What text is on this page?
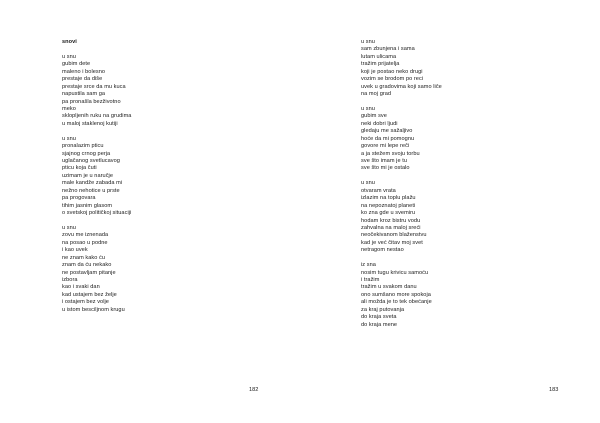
snovi
u snu
gubim dete
maleno i bolesno
prestaje da diše
prestaje srce da mu kuca
napustila sam ga
pa pronašla bezživotno
meko
sklopljenih ruku na grudima
u maloj staklenoj kutiji
u snu
pronalazim pticu
sjajnog crnog perja
uglačanog svetlucavog
pticu koja čuti
uzimam je u naručje
male kandže zabada mi
nežno nehotice u prste
pa progovara
tihim jasnim glasom
o svetskoj političkoj situaciji
u snu
zovu me iznenada
na posao u podne
i kao uvek
ne znam kako ću
znam da ću nekako
ne postavljam pitanje
izbora
kao i svaki dan
kad ustajem bez želje
i ostajem bez volje
u istom besciljnom krugu
182
u snu
sam zbunjena i sama
lutam ulicama
tražim prijatelja
koji je postao neko drugi
vozim se brodom po reci
uvek u gradovima koji samo liče
na moj grad
u snu
gubim sve
neki dobri ljudi
gledaju me sažaljivo
hoće da mi pomognu
govore mi lepe reči
a ja stežem svoju torbu
sve što imam je tu
sve što mi je ostalo
u snu
otvaram vrata
izlazim na toplu plažu
na nepoznatoj planeti
ko zna gde u svemiru
hodam kroz bistru vodu
zahvalna na maloj sreći
neočekivanom blaženstvu
kad je već čitav moj svet
netragom nestao
iz sna
nosim tugu krivicu samoću
i tražim
tražim u svakom danu
ono sumšano more spokoja
ali možda je to tek obećanje
za kraj putovanja
do kraja sveta
do kraja mene
183
